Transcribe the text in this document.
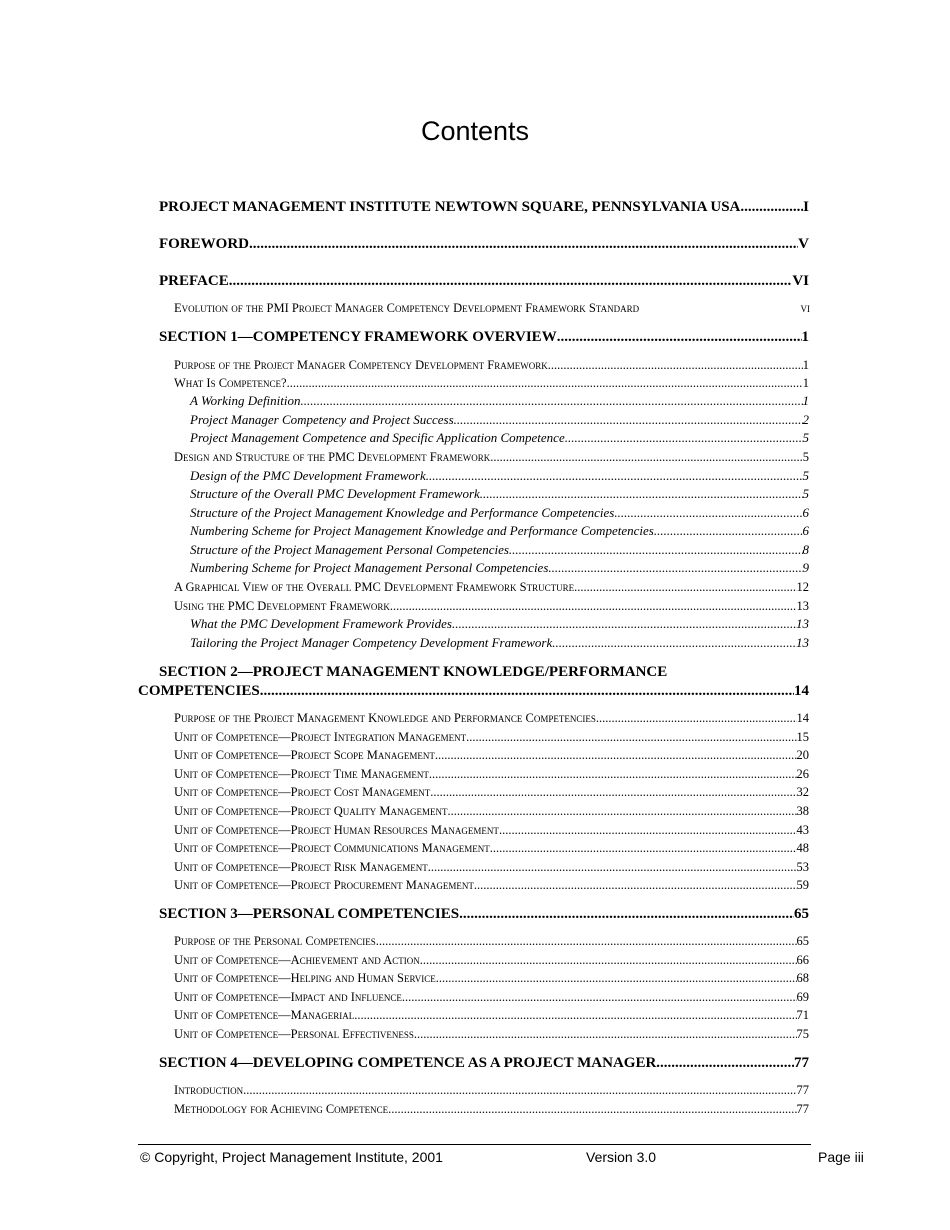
Contents
PROJECT MANAGEMENT INSTITUTE NEWTOWN SQUARE, PENNSYLVANIA USA .....	I
FOREWORD .....	V
PREFACE .....	VI
Evolution of the PMI Project Manager Competency Development Framework Standard	vi
SECTION 1—COMPETENCY FRAMEWORK OVERVIEW .....	1
Purpose of the Project Manager Competency Development Framework .....	1
What Is Competence? .....	1
A Working Definition .....	1
Project Manager Competency and Project Success .....	2
Project Management Competence and Specific Application Competence .....	5
Design and Structure of the PMC Development Framework .....	5
Design of the PMC Development Framework .....	5
Structure of the Overall PMC Development Framework .....	5
Structure of the Project Management Knowledge and Performance Competencies .....	6
Numbering Scheme for Project Management Knowledge and Performance Competencies .....	6
Structure of the Project Management Personal Competencies .....	8
Numbering Scheme for Project Management Personal Competencies .....	9
A Graphical View of the Overall PMC Development Framework Structure .....	12
Using the PMC Development Framework .....	13
What the PMC Development Framework Provides .....	13
Tailoring the Project Manager Competency Development Framework .....	13
SECTION 2—PROJECT MANAGEMENT KNOWLEDGE/PERFORMANCE
COMPETENCIES .....	14
Purpose of the Project Management Knowledge and Performance Competencies .....	14
Unit of Competence—Project Integration Management .....	15
Unit of Competence—Project Scope Management .....	20
Unit of Competence—Project Time Management .....	26
Unit of Competence—Project Cost Management .....	32
Unit of Competence—Project Quality Management .....	38
Unit of Competence—Project Human Resources Management .....	43
Unit of Competence—Project Communications Management .....	48
Unit of Competence—Project Risk Management .....	53
Unit of Competence—Project Procurement Management .....	59
SECTION 3—PERSONAL COMPETENCIES .....	65
Purpose of the Personal Competencies .....	65
Unit of Competence—Achievement and Action .....	66
Unit of Competence—Helping and Human Service .....	68
Unit of Competence—Impact and Influence .....	69
Unit of Competence—Managerial .....	71
Unit of Competence—Personal Effectiveness .....	75
SECTION 4—DEVELOPING COMPETENCE AS A PROJECT MANAGER .....	77
Introduction .....	77
Methodology for Achieving Competence .....	77
© Copyright, Project Management Institute, 2001	Version 3.0	Page iii
